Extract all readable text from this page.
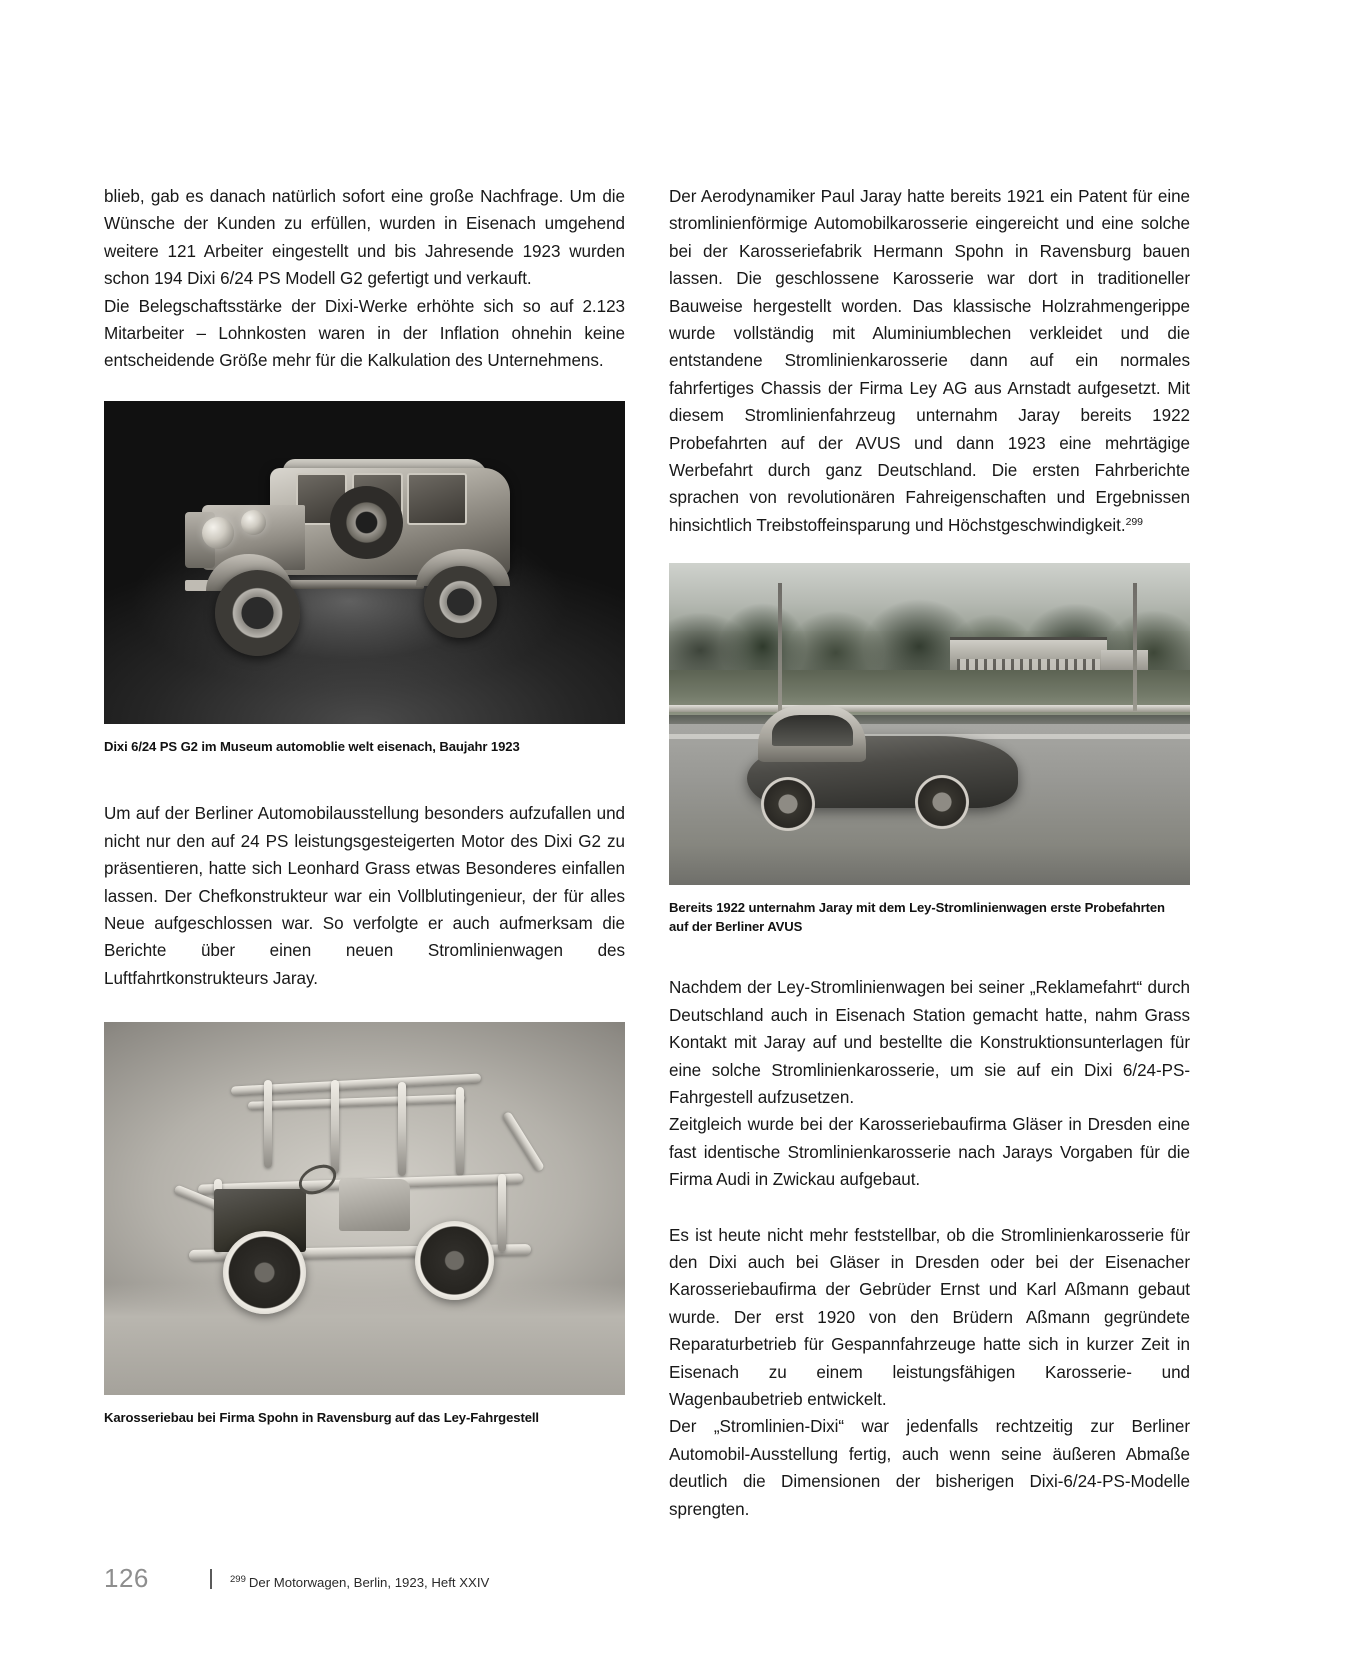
blieb, gab es danach natürlich sofort eine große Nachfrage. Um die Wünsche der Kunden zu erfüllen, wurden in Eisenach umgehend weitere 121 Arbeiter eingestellt und bis Jahresende 1923 wurden schon 194 Dixi 6/24 PS Modell G2 gefertigt und verkauft.

Die Belegschaftsstärke der Dixi-Werke erhöhte sich so auf 2.123 Mitarbeiter – Lohnkosten waren in der Inflation ohnehin keine entscheidende Größe mehr für die Kalkulation des Unternehmens.

Dixi 6/24 PS G2 im Museum automoblie welt eisenach, Baujahr 1923

Um auf der Berliner Automobilausstellung besonders aufzufallen und nicht nur den auf 24 PS leistungsgesteigerten Motor des Dixi G2 zu präsentieren, hatte sich Leonhard Grass etwas Besonderes einfallen lassen. Der Chefkonstrukteur war ein Vollblutingenieur, der für alles Neue aufgeschlossen war. So verfolgte er auch aufmerksam die Berichte über einen neuen Stromlinienwagen des Luftfahrtkonstrukteurs Jaray.

Karosseriebau bei Firma Spohn in Ravensburg auf das Ley-Fahrgestell

Der Aerodynamiker Paul Jaray hatte bereits 1921 ein Patent für eine stromlinienförmige Automobilkarosserie eingereicht und eine solche bei der Karosseriefabrik Hermann Spohn in Ravensburg bauen lassen. Die geschlossene Karosserie war dort in traditioneller Bauweise hergestellt worden. Das klassische Holzrahmengerippe wurde vollständig mit Aluminiumblechen verkleidet und die entstandene Stromlinienkarosserie dann auf ein normales fahrfertiges Chassis der Firma Ley AG aus Arnstadt aufgesetzt. Mit diesem Stromlinienfahrzeug unternahm Jaray bereits 1922 Probefahrten auf der AVUS und dann 1923 eine mehrtägige Werbefahrt durch ganz Deutschland. Die ersten Fahrberichte sprachen von revolutionären Fahreigenschaften und Ergebnissen hinsichtlich Treibstoffeinsparung und Höchstgeschwindigkeit.$^{299}$

Bereits 1922 unternahm Jaray mit dem Ley-Stromlinienwagen erste Probefahrten
auf der Berliner AVUS

Nachdem der Ley-Stromlinienwagen bei seiner „Reklamefahrt“ durch Deutschland auch in Eisenach Station gemacht hatte, nahm Grass Kontakt mit Jaray auf und bestellte die Konstruktionsunterlagen für eine solche Stromlinienkarosserie, um sie auf ein Dixi 6/24-PS-Fahrgestell aufzusetzen.

Zeitgleich wurde bei der Karosseriebaufirma Gläser in Dresden eine fast identische Stromlinienkarosserie nach Jarays Vorgaben für die Firma Audi in Zwickau aufgebaut.

Es ist heute nicht mehr feststellbar, ob die Stromlinienkarosserie für den Dixi auch bei Gläser in Dresden oder bei der Eisenacher Karosseriebaufirma der Gebrüder Ernst und Karl Aßmann gebaut wurde. Der erst 1920 von den Brüdern Aßmann gegründete Reparaturbetrieb für Gespannfahrzeuge hatte sich in kurzer Zeit in Eisenach zu einem leistungsfähigen Karosserie- und Wagenbaubetrieb entwickelt.

Der „Stromlinien-Dixi“ war jedenfalls rechtzeitig zur Berliner Automobil-Ausstellung fertig, auch wenn seine äußeren Abmaße deutlich die Dimensionen der bisherigen Dixi-6/24-PS-Modelle sprengten.

126	$^{299}$ Der Motorwagen, Berlin, 1923, Heft XXIV
